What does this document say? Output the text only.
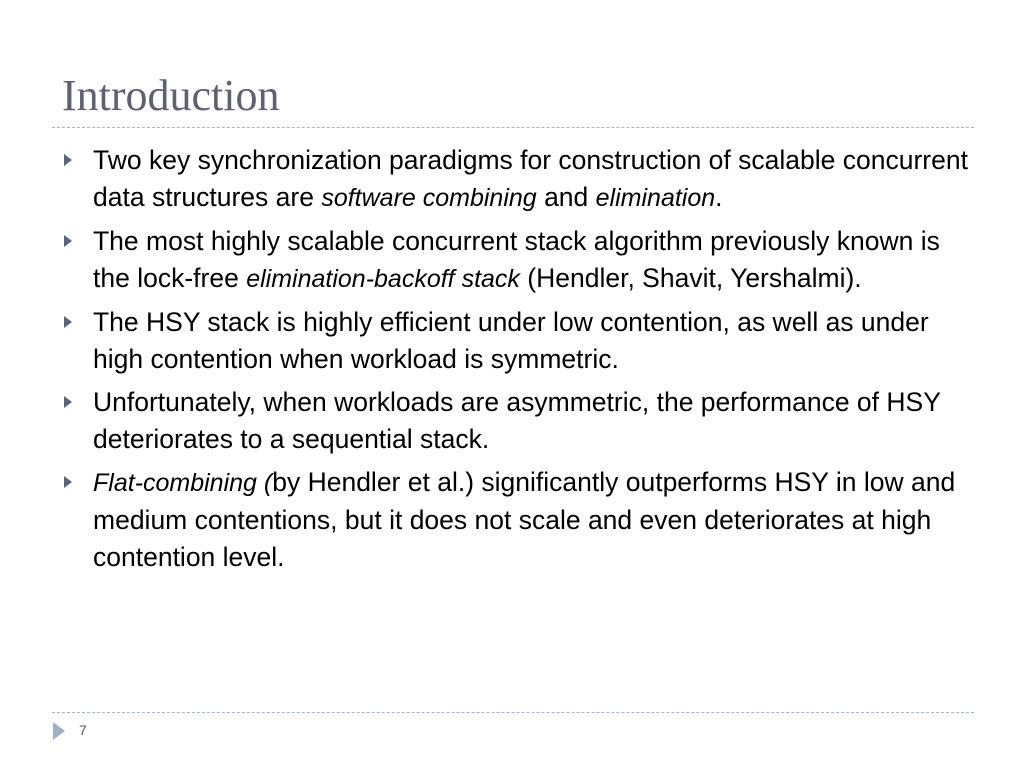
Introduction
Two key synchronization paradigms for construction of scalable concurrent data structures are software combining and elimination.
The most highly scalable concurrent stack algorithm previously known is the lock-free elimination-backoff stack (Hendler, Shavit, Yershalmi).
The HSY stack is highly efficient under low contention, as well as under high contention when workload is symmetric.
Unfortunately, when workloads are asymmetric, the performance of HSY deteriorates to a sequential stack.
Flat-combining (by Hendler et al.) significantly outperforms HSY in low and medium contentions, but it does not scale and even deteriorates at high contention level.
7
